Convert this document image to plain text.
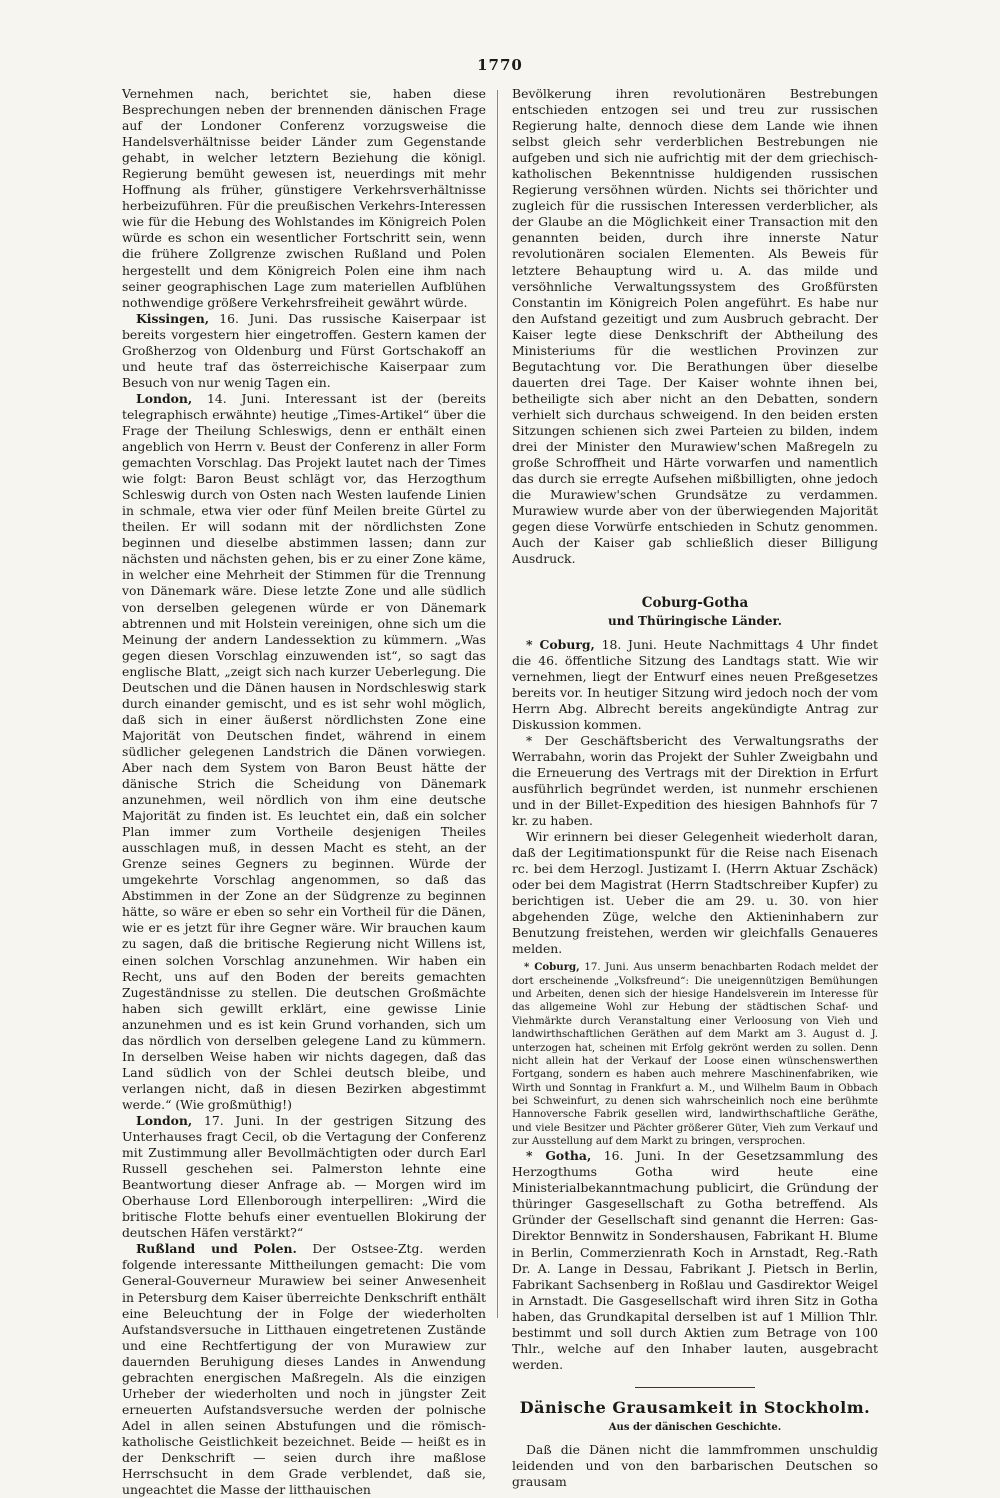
1770

Vernehmen nach, berichtet sie, haben diese Besprechungen neben der brennenden dänischen Frage auf der Londoner Conferenz vorzugsweise die Handelsverhältnisse beider Länder zum Gegenstande gehabt, in welcher letztern Beziehung die königl. Regierung bemüht gewesen ist, neuerdings mit mehr Hoffnung als früher, günstigere Verkehrsverhältnisse herbeizuführen. Für die preußischen Verkehrs-Interessen wie für die Hebung des Wohlstandes im Königreich Polen würde es schon ein wesentlicher Fortschritt sein, wenn die frühere Zollgrenze zwischen Rußland und Polen hergestellt und dem Königreich Polen eine ihm nach seiner geographischen Lage zum materiellen Aufblühen nothwendige größere Verkehrsfreiheit gewährt würde.

Kissingen, 16. Juni. Das russische Kaiserpaar ist bereits vorgestern hier eingetroffen. Gestern kamen der Großherzog von Oldenburg und Fürst Gortschakoff an und heute traf das österreichische Kaiserpaar zum Besuch von nur wenig Tagen ein.

London, 14. Juni. Interessant ist der (bereits telegraphisch erwähnte) heutige „Times-Artikel“ über die Frage der Theilung Schleswigs, denn er enthält einen angeblich von Herrn v. Beust der Conferenz in aller Form gemachten Vorschlag. Das Projekt lautet nach der Times wie folgt: Baron Beust schlägt vor, das Herzogthum Schleswig durch von Osten nach Westen laufende Linien in schmale, etwa vier oder fünf Meilen breite Gürtel zu theilen. Er will sodann mit der nördlichsten Zone beginnen und dieselbe abstimmen lassen; dann zur nächsten und nächsten gehen, bis er zu einer Zone käme, in welcher eine Mehrheit der Stimmen für die Trennung von Dänemark wäre. Diese letzte Zone und alle südlich von derselben gelegenen würde er von Dänemark abtrennen und mit Holstein vereinigen, ohne sich um die Meinung der andern Landessektion zu kümmern. „Was gegen diesen Vorschlag einzuwenden ist“, so sagt das englische Blatt, „zeigt sich nach kurzer Ueberlegung. Die Deutschen und die Dänen hausen in Nordschleswig stark durch einander gemischt, und es ist sehr wohl möglich, daß sich in einer äußerst nördlichsten Zone eine Majorität von Deutschen findet, während in einem südlicher gelegenen Landstrich die Dänen vorwiegen. Aber nach dem System von Baron Beust hätte der dänische Strich die Scheidung von Dänemark anzunehmen, weil nördlich von ihm eine deutsche Majorität zu finden ist. Es leuchtet ein, daß ein solcher Plan immer zum Vortheile desjenigen Theiles ausschlagen muß, in dessen Macht es steht, an der Grenze seines Gegners zu beginnen. Würde der umgekehrte Vorschlag angenommen, so daß das Abstimmen in der Zone an der Südgrenze zu beginnen hätte, so wäre er eben so sehr ein Vortheil für die Dänen, wie er es jetzt für ihre Gegner wäre. Wir brauchen kaum zu sagen, daß die britische Regierung nicht Willens ist, einen solchen Vorschlag anzunehmen. Wir haben ein Recht, uns auf den Boden der bereits gemachten Zugeständnisse zu stellen. Die deutschen Großmächte haben sich gewillt erklärt, eine gewisse Linie anzunehmen und es ist kein Grund vorhanden, sich um das nördlich von derselben gelegene Land zu kümmern. In derselben Weise haben wir nichts dagegen, daß das Land südlich von der Schlei deutsch bleibe, und verlangen nicht, daß in diesen Bezirken abgestimmt werde.“ (Wie großmüthig!)

London, 17. Juni. In der gestrigen Sitzung des Unterhauses fragt Cecil, ob die Vertagung der Conferenz mit Zustimmung aller Bevollmächtigten oder durch Earl Russell geschehen sei. Palmerston lehnte eine Beantwortung dieser Anfrage ab. — Morgen wird im Oberhause Lord Ellenborough interpelliren: „Wird die britische Flotte behufs einer eventuellen Blokirung der deutschen Häfen verstärkt?“

Rußland und Polen. Der Ostsee-Ztg. werden folgende interessante Mittheilungen gemacht: Die vom General-Gouverneur Murawiew bei seiner Anwesenheit in Petersburg dem Kaiser überreichte Denkschrift enthält eine Beleuchtung der in Folge der wiederholten Aufstandsversuche in Litthauen eingetretenen Zustände und eine Rechtfertigung der von Murawiew zur dauernden Beruhigung dieses Landes in Anwendung gebrachten energischen Maßregeln. Als die einzigen Urheber der wiederholten und noch in jüngster Zeit erneuerten Aufstandsversuche werden der polnische Adel in allen seinen Abstufungen und die römisch-katholische Geistlichkeit bezeichnet. Beide — heißt es in der Denkschrift — seien durch ihre maßlose Herrschsucht in dem Grade verblendet, daß sie, ungeachtet die Masse der litthauischen

Bevölkerung ihren revolutionären Bestrebungen entschieden entzogen sei und treu zur russischen Regierung halte, dennoch diese dem Lande wie ihnen selbst gleich sehr verderblichen Bestrebungen nie aufgeben und sich nie aufrichtig mit der dem griechisch-katholischen Bekenntnisse huldigenden russischen Regierung versöhnen würden. Nichts sei thörichter und zugleich für die russischen Interessen verderblicher, als der Glaube an die Möglichkeit einer Transaction mit den genannten beiden, durch ihre innerste Natur revolutionären socialen Elementen. Als Beweis für letztere Behauptung wird u. A. das milde und versöhnliche Verwaltungssystem des Großfürsten Constantin im Königreich Polen angeführt. Es habe nur den Aufstand gezeitigt und zum Ausbruch gebracht. Der Kaiser legte diese Denkschrift der Abtheilung des Ministeriums für die westlichen Provinzen zur Begutachtung vor. Die Berathungen über dieselbe dauerten drei Tage. Der Kaiser wohnte ihnen bei, betheiligte sich aber nicht an den Debatten, sondern verhielt sich durchaus schweigend. In den beiden ersten Sitzungen schienen sich zwei Parteien zu bilden, indem drei der Minister den Murawiew'schen Maßregeln zu große Schroffheit und Härte vorwarfen und namentlich das durch sie erregte Aufsehen mißbilligten, ohne jedoch die Murawiew'schen Grundsätze zu verdammen. Murawiew wurde aber von der überwiegenden Majorität gegen diese Vorwürfe entschieden in Schutz genommen. Auch der Kaiser gab schließlich dieser Billigung Ausdruck.

Coburg-Gotha
und Thüringische Länder.

* Coburg, 18. Juni. Heute Nachmittags 4 Uhr findet die 46. öffentliche Sitzung des Landtags statt. Wie wir vernehmen, liegt der Entwurf eines neuen Preßgesetzes bereits vor. In heutiger Sitzung wird jedoch noch der vom Herrn Abg. Albrecht bereits angekündigte Antrag zur Diskussion kommen.

* Der Geschäftsbericht des Verwaltungsraths der Werrabahn, worin das Projekt der Suhler Zweigbahn und die Erneuerung des Vertrags mit der Direktion in Erfurt ausführlich begründet werden, ist nunmehr erschienen und in der Billet-Expedition des hiesigen Bahnhofs für 7 kr. zu haben.

Wir erinnern bei dieser Gelegenheit wiederholt daran, daß der Legitimationspunkt für die Reise nach Eisenach rc. bei dem Herzogl. Justizamt I. (Herrn Aktuar Zschäck) oder bei dem Magistrat (Herrn Stadtschreiber Kupfer) zu berichtigen ist. Ueber die am 29. u. 30. von hier abgehenden Züge, welche den Aktieninhabern zur Benutzung freistehen, werden wir gleichfalls Genaueres melden.

* Coburg, 17. Juni. Aus unserm benachbarten Rodach meldet der dort erscheinende „Volksfreund“: Die uneigennützigen Bemühungen und Arbeiten, denen sich der hiesige Handelsverein im Interesse für das allgemeine Wohl zur Hebung der städtischen Schaf- und Viehmärkte durch Veranstaltung einer Verloosung von Vieh und landwirthschaftlichen Geräthen auf dem Markt am 3. August d. J. unterzogen hat, scheinen mit Erfolg gekrönt werden zu sollen. Denn nicht allein hat der Verkauf der Loose einen wünschenswerthen Fortgang, sondern es haben auch mehrere Maschinenfabriken, wie Wirth und Sonntag in Frankfurt a. M., und Wilhelm Baum in Obbach bei Schweinfurt, zu denen sich wahrscheinlich noch eine berühmte Hannoversche Fabrik gesellen wird, landwirthschaftliche Geräthe, und viele Besitzer und Pächter größerer Güter, Vieh zum Verkauf und zur Ausstellung auf dem Markt zu bringen, versprochen.

* Gotha, 16. Juni. In der Gesetzsammlung des Herzogthums Gotha wird heute eine Ministerialbekanntmachung publicirt, die Gründung der thüringer Gasgesellschaft zu Gotha betreffend. Als Gründer der Gesellschaft sind genannt die Herren: Gas-Direktor Bennwitz in Sondershausen, Fabrikant H. Blume in Berlin, Commerzienrath Koch in Arnstadt, Reg.-Rath Dr. A. Lange in Dessau, Fabrikant J. Pietsch in Berlin, Fabrikant Sachsenberg in Roßlau und Gasdirektor Weigel in Arnstadt. Die Gasgesellschaft wird ihren Sitz in Gotha haben, das Grundkapital derselben ist auf 1 Million Thlr. bestimmt und soll durch Aktien zum Betrage von 100 Thlr., welche auf den Inhaber lauten, ausgebracht werden.

Dänische Grausamkeit in Stockholm.
Aus der dänischen Geschichte.

Daß die Dänen nicht die lammfrommen unschuldig leidenden und von den barbarischen Deutschen so grausam
